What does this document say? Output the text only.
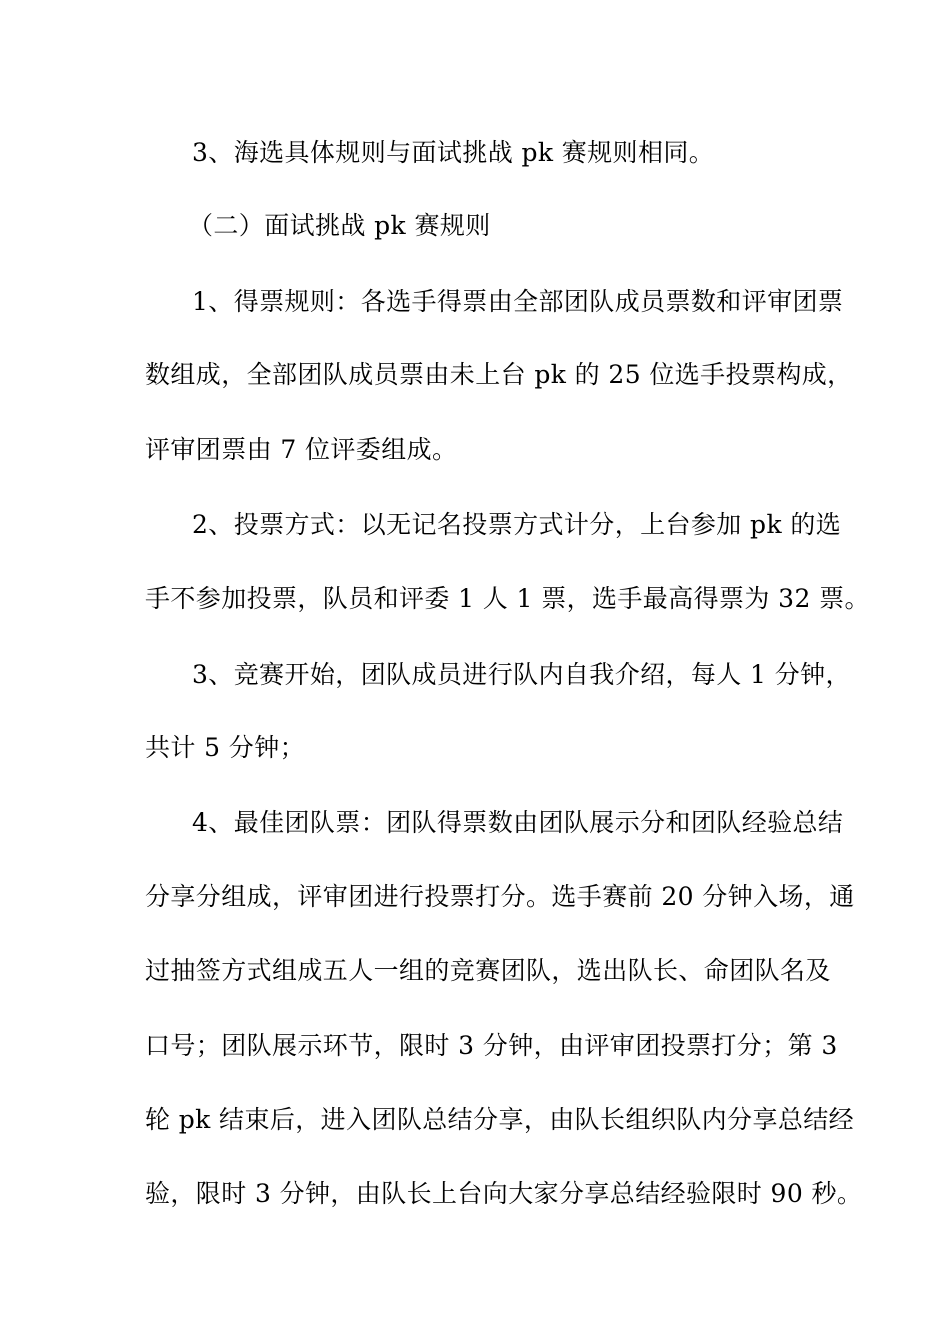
3、海选具体规则与面试挑战 pk 赛规则相同。
（二）面试挑战 pk 赛规则
1、得票规则：各选手得票由全部团队成员票数和评审团票
数组成，全部团队成员票由未上台 pk 的 25 位选手投票构成，
评审团票由 7 位评委组成。
2、投票方式：以无记名投票方式计分，上台参加 pk 的选
手不参加投票，队员和评委 1 人 1 票，选手最高得票为 32 票。
3、竞赛开始，团队成员进行队内自我介绍，每人 1 分钟，
共计 5 分钟；
4、最佳团队票：团队得票数由团队展示分和团队经验总结
分享分组成，评审团进行投票打分。选手赛前 20 分钟入场，通
过抽签方式组成五人一组的竞赛团队，选出队长、命团队名及
口号；团队展示环节，限时 3 分钟，由评审团投票打分；第 3
轮 pk 结束后，进入团队总结分享，由队长组织队内分享总结经
验，限时 3 分钟，由队长上台向大家分享总结经验限时 90 秒。
